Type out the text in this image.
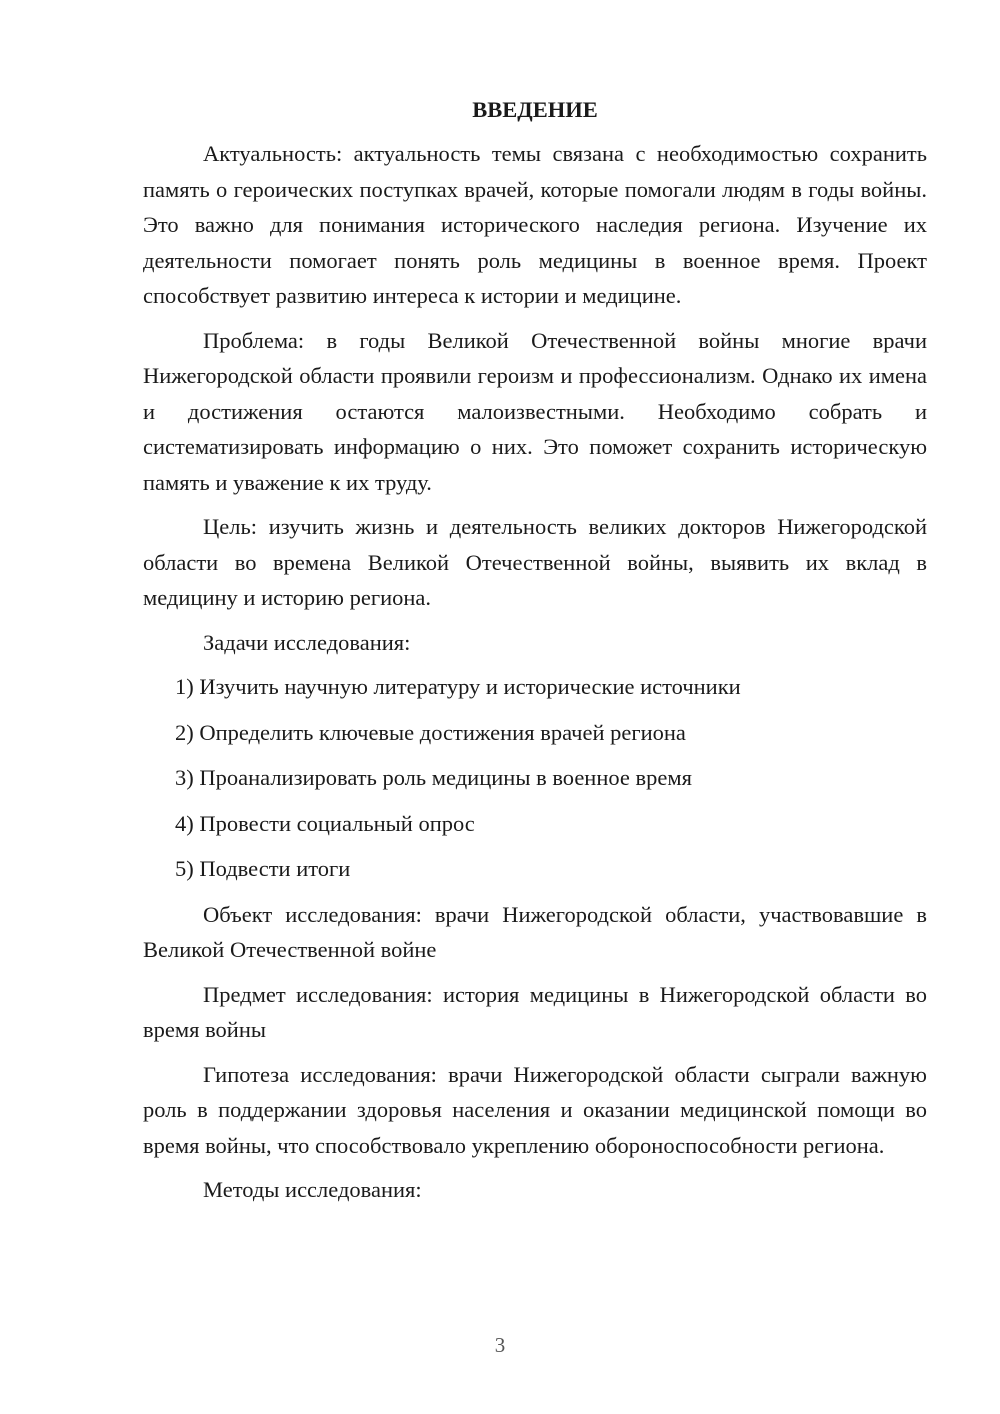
ВВЕДЕНИЕ

Актуальность: актуальность темы связана с необходимостью сохранить память о героических поступках врачей, которые помогали людям в годы войны. Это важно для понимания исторического наследия региона. Изучение их деятельности помогает понять роль медицины в военное время. Проект способствует развитию интереса к истории и медицине.

Проблема: в годы Великой Отечественной войны многие врачи Нижегородской области проявили героизм и профессионализм. Однако их имена и достижения остаются малоизвестными. Необходимо собрать и систематизировать информацию о них. Это поможет сохранить историческую память и уважение к их труду.

Цель: изучить жизнь и деятельность великих докторов Нижегородской области во времена Великой Отечественной войны, выявить их вклад в медицину и историю региона.

Задачи исследования:

1) Изучить научную литературу и исторические источники
2) Определить ключевые достижения врачей региона
3) Проанализировать роль медицины в военное время
4) Провести социальный опрос
5) Подвести итоги

Объект исследования: врачи Нижегородской области, участвовавшие в Великой Отечественной войне

Предмет исследования: история медицины в Нижегородской области во время войны

Гипотеза исследования: врачи Нижегородской области сыграли важную роль в поддержании здоровья населения и оказании медицинской помощи во время войны, что способствовало укреплению обороноспособности региона.

Методы исследования:

3
